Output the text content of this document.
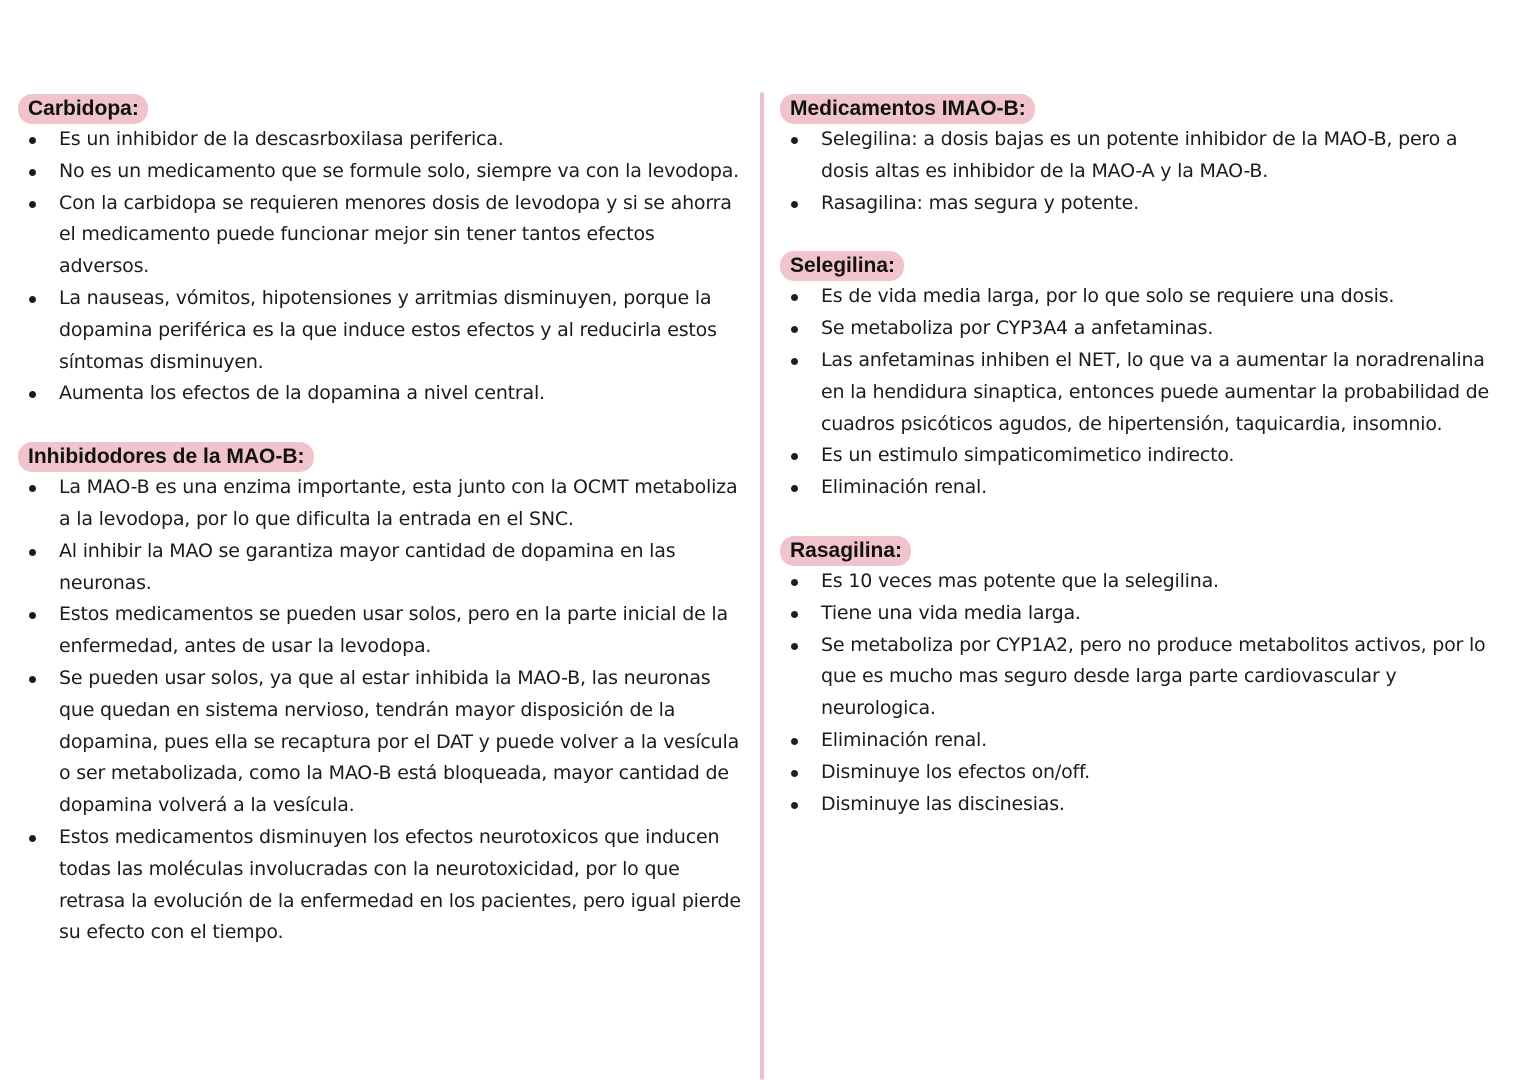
Carbidopa:
Es un inhibidor de la descasrboxilasa periferica.
No es un medicamento que se formule solo, siempre va con la levodopa.
Con la carbidopa se requieren menores dosis de levodopa y si se ahorra el medicamento puede funcionar mejor sin tener tantos efectos adversos.
La nauseas, vómitos, hipotensiones y arritmias disminuyen, porque la dopamina periférica es la que induce estos efectos y al reducirla estos síntomas disminuyen.
Aumenta los efectos de la dopamina a nivel central.
Inhibidodores de la MAO-B:
La MAO-B es una enzima importante, esta junto con la OCMT metaboliza a la levodopa, por lo que dificulta la entrada en el SNC.
Al inhibir la MAO se garantiza mayor cantidad de dopamina en las neuronas.
Estos medicamentos se pueden usar solos, pero en la parte inicial de la enfermedad, antes de usar la levodopa.
Se pueden usar solos, ya que al estar inhibida la MAO-B, las neuronas que quedan en sistema nervioso, tendrán mayor disposición de la dopamina, pues ella se recaptura por el DAT y puede volver a la vesícula o ser metabolizada, como la MAO-B está bloqueada, mayor cantidad de dopamina volverá a la vesícula.
Estos medicamentos disminuyen los efectos neurotoxicos que inducen todas las moléculas involucradas con la neurotoxicidad, por lo que retrasa la evolución de la enfermedad en los pacientes, pero igual pierde su efecto con el tiempo.
Medicamentos IMAO-B:
Selegilina: a dosis bajas es un potente inhibidor de la MAO-B, pero a dosis altas es inhibidor de la MAO-A y la MAO-B.
Rasagilina: mas segura y potente.
Selegilina:
Es de vida media larga, por lo que solo se requiere una dosis.
Se metaboliza por CYP3A4 a anfetaminas.
Las anfetaminas inhiben el NET, lo que va a aumentar la noradrenalina en la hendidura sinaptica, entonces puede aumentar la probabilidad de cuadros psicóticos agudos, de hipertensión, taquicardia, insomnio.
Es un estimulo simpaticomimetico indirecto.
Eliminación renal.
Rasagilina:
Es 10 veces mas potente que la selegilina.
Tiene una vida media larga.
Se metaboliza por CYP1A2, pero no produce metabolitos activos, por lo que es mucho mas seguro desde larga parte cardiovascular y neurologica.
Eliminación renal.
Disminuye los efectos on/off.
Disminuye las discinesias.
